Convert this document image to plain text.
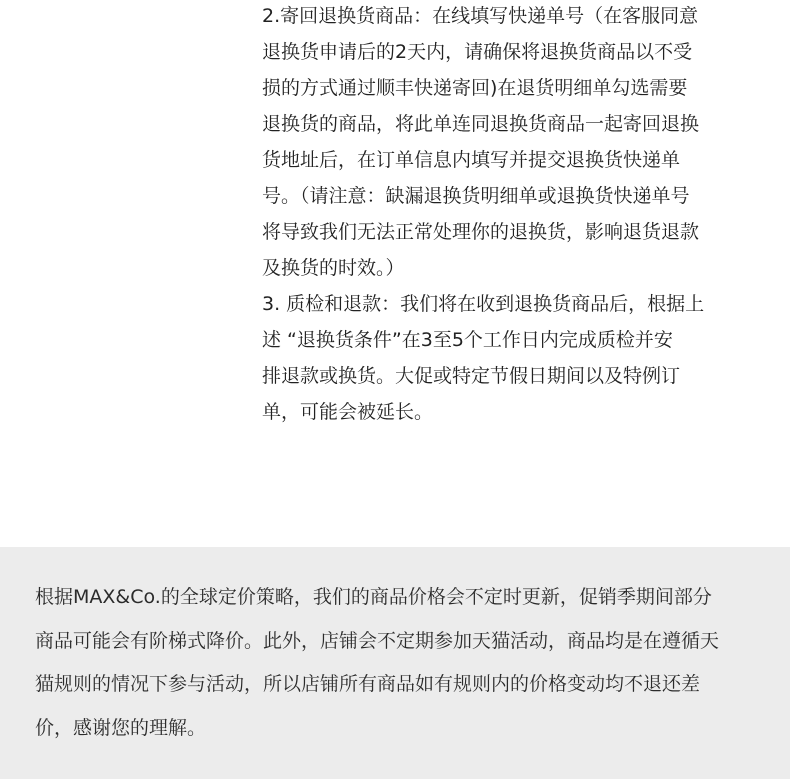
2.寄回退换货商品：在线填写快递单号（在客服同意
退换货申请后的2天内，请确保将退换货商品以不受
损的方式通过顺丰快递寄回)在退货明细单勾选需要
退换货的商品，将此单连同退换货商品一起寄回退换
货地址后，在订单信息内填写并提交退换货快递单
号。（请注意：缺漏退换货明细单或退换货快递单号
将导致我们无法正常处理你的退换货，影响退货退款
及换货的时效。）
3. 质检和退款：我们将在收到退换货商品后，根据上
述 “退换货条件”在3至5个工作日内完成质检并安
排退款或换货。大促或特定节假日期间以及特例订
单，可能会被延长。
根据MAX&Co.的全球定价策略，我们的商品价格会不定时更新，促销季期间部分
商品可能会有阶梯式降价。此外，店铺会不定期参加天猫活动，商品均是在遵循天
猫规则的情况下参与活动，所以店铺所有商品如有规则内的价格变动均不退还差
价，感谢您的理解。
